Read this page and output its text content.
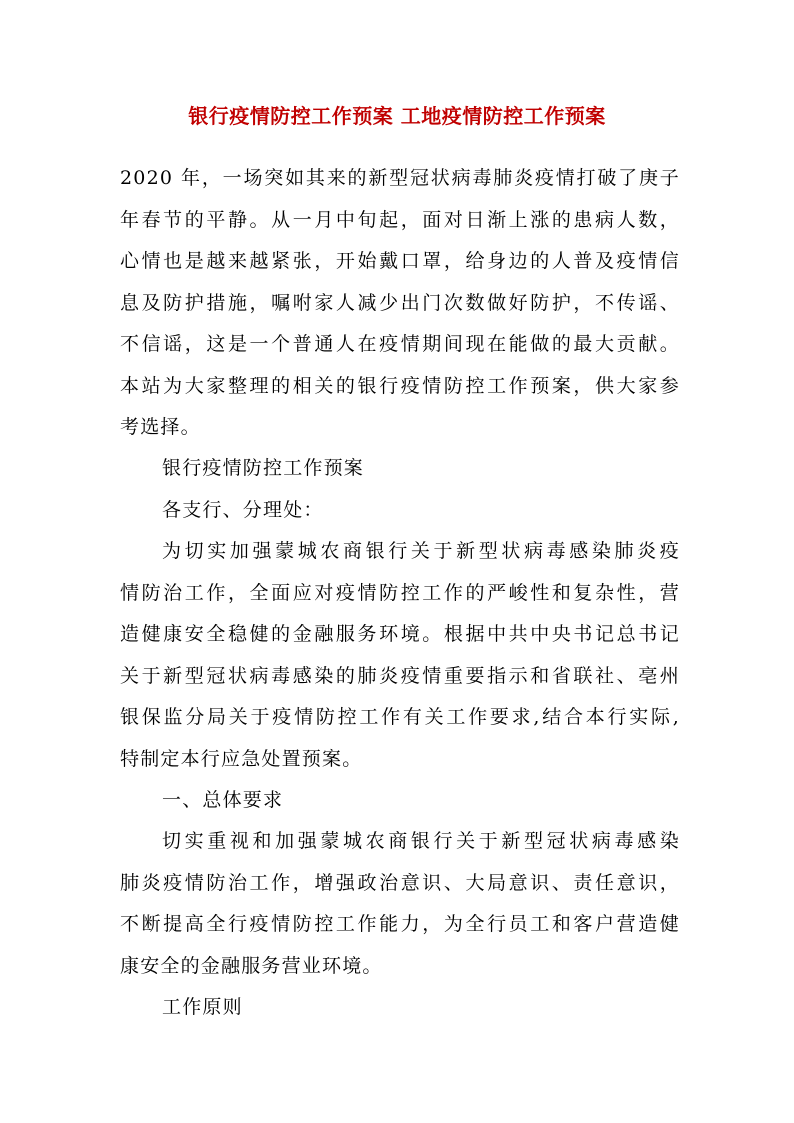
银行疫情防控工作预案 工地疫情防控工作预案
2020 年，一场突如其来的新型冠状病毒肺炎疫情打破了庚子
年春节的平静。从一月中旬起，面对日渐上涨的患病人数，
心情也是越来越紧张，开始戴口罩，给身边的人普及疫情信
息及防护措施，嘱咐家人减少出门次数做好防护，不传谣、
不信谣，这是一个普通人在疫情期间现在能做的最大贡献。
本站为大家整理的相关的银行疫情防控工作预案，供大家参
考选择。
银行疫情防控工作预案
各支行、分理处：
为切实加强蒙城农商银行关于新型状病毒感染肺炎疫
情防治工作，全面应对疫情防控工作的严峻性和复杂性，营
造健康安全稳健的金融服务环境。根据中共中央书记总书记
关于新型冠状病毒感染的肺炎疫情重要指示和省联社、亳州
银保监分局关于疫情防控工作有关工作要求,结合本行实际,
特制定本行应急处置预案。
一、总体要求
切实重视和加强蒙城农商银行关于新型冠状病毒感染
肺炎疫情防治工作，增强政治意识、大局意识、责任意识，
不断提高全行疫情防控工作能力，为全行员工和客户营造健
康安全的金融服务营业环境。
工作原则
